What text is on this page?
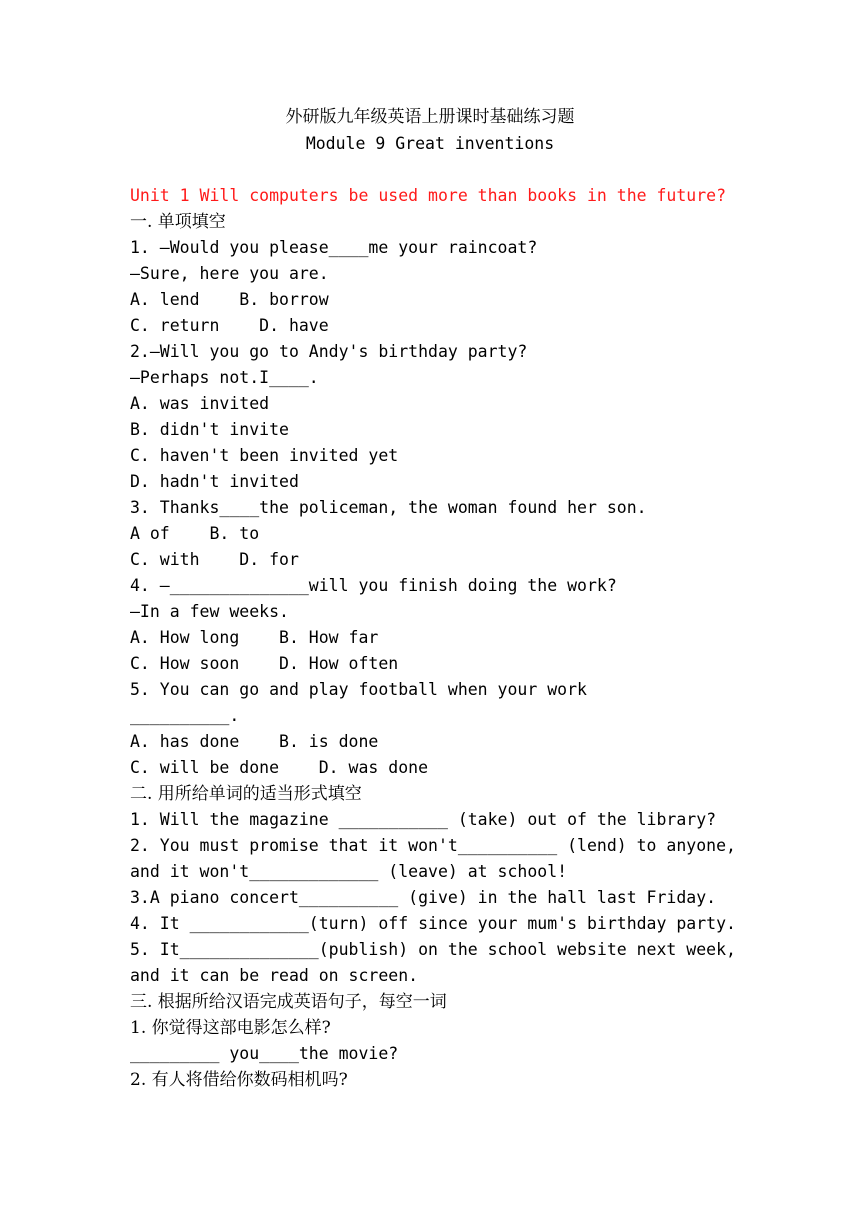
外研版九年级英语上册课时基础练习题
Module 9 Great inventions
Unit 1 Will computers be used more than books in the future?
一. 单项填空
1. —Would you please____me your raincoat?
—Sure, here you are.
A. lend    B. borrow
C. return    D. have
2.—Will you go to Andy's birthday party?
—Perhaps not.I____.
A. was invited
B. didn't invite
C. haven't been invited yet
D. hadn't invited
3. Thanks____the policeman, the woman found her son.
A of    B. to
C. with    D. for
4. —______________will you finish doing the work?
—In a few weeks.
A. How long    B. How far
C. How soon    D. How often
5. You can go and play football when your work
__________.
A. has done    B. is done
C. will be done    D. was done
二. 用所给单词的适当形式填空
1. Will the magazine ___________ (take) out of the library?
2. You must promise that it won't__________ (lend) to anyone,
and it won't_____________ (leave) at school!
3.A piano concert__________ (give) in the hall last Friday.
4. It ____________(turn) off since your mum's birthday party.
5. It______________(publish) on the school website next week,
and it can be read on screen.
三. 根据所给汉语完成英语句子，每空一词
1. 你觉得这部电影怎么样?
_________ you____the movie?
2. 有人将借给你数码相机吗?
